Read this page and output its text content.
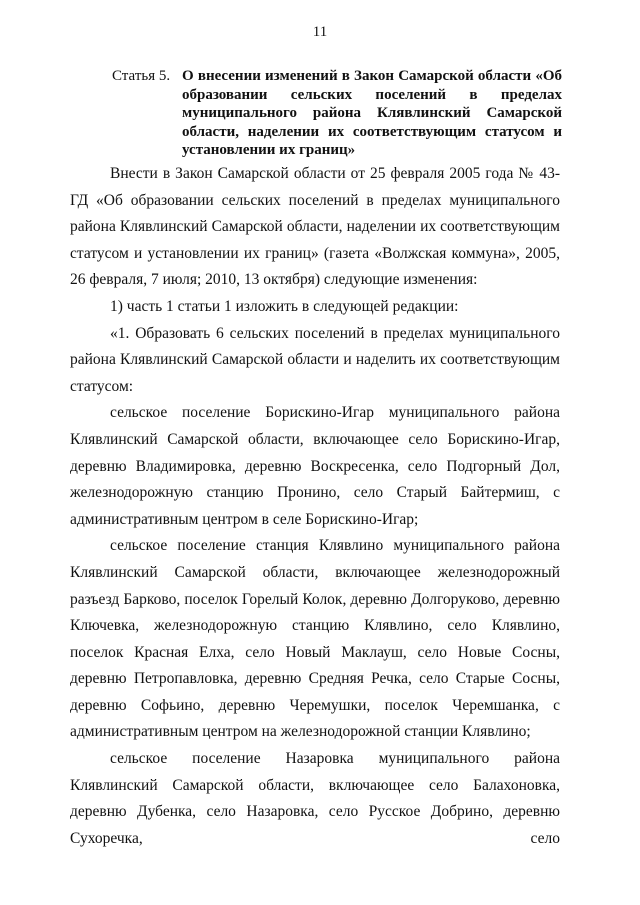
11
Статья 5. О внесении изменений в Закон Самарской области «Об образовании сельских поселений в пределах муниципального района Клявлинский Самарской области, наделении их соответствующим статусом и установлении их границ»

Внести в Закон Самарской области от 25 февраля 2005 года № 43-ГД «Об образовании сельских поселений в пределах муниципального района Клявлинский Самарской области, наделении их соответствующим статусом и установлении их границ» (газета «Волжская коммуна», 2005, 26 февраля, 7 июля; 2010, 13 октября) следующие изменения:

1) часть 1 статьи 1 изложить в следующей редакции:

«1. Образовать 6 сельских поселений в пределах муниципального района Клявлинский Самарской области и наделить их соответствующим статусом:

сельское поселение Борискино-Игар муниципального района Клявлинский Самарской области, включающее село Борискино-Игар, деревню Владимировка, деревню Воскресенка, село Подгорный Дол, железнодорожную станцию Пронино, село Старый Байтермиш, с административным центром в селе Борискино-Игар;

сельское поселение станция Клявлино муниципального района Клявлинский Самарской области, включающее железнодорожный разъезд Барково, поселок Горелый Колок, деревню Долгоруково, деревню Ключевка, железнодорожную станцию Клявлино, село Клявлино, поселок Красная Елха, село Новый Маклауш, село Новые Сосны, деревню Петропавловка, деревню Средняя Речка, село Старые Сосны, деревню Софьино, деревню Черемушки, поселок Черемшанка, с административным центром на железнодорожной станции Клявлино;

сельское поселение Назаровка муниципального района Клявлинский Самарской области, включающее село Балахоновка, деревню Дубенка, село Назаровка, село Русское Добрино, деревню Сухоречка, село
